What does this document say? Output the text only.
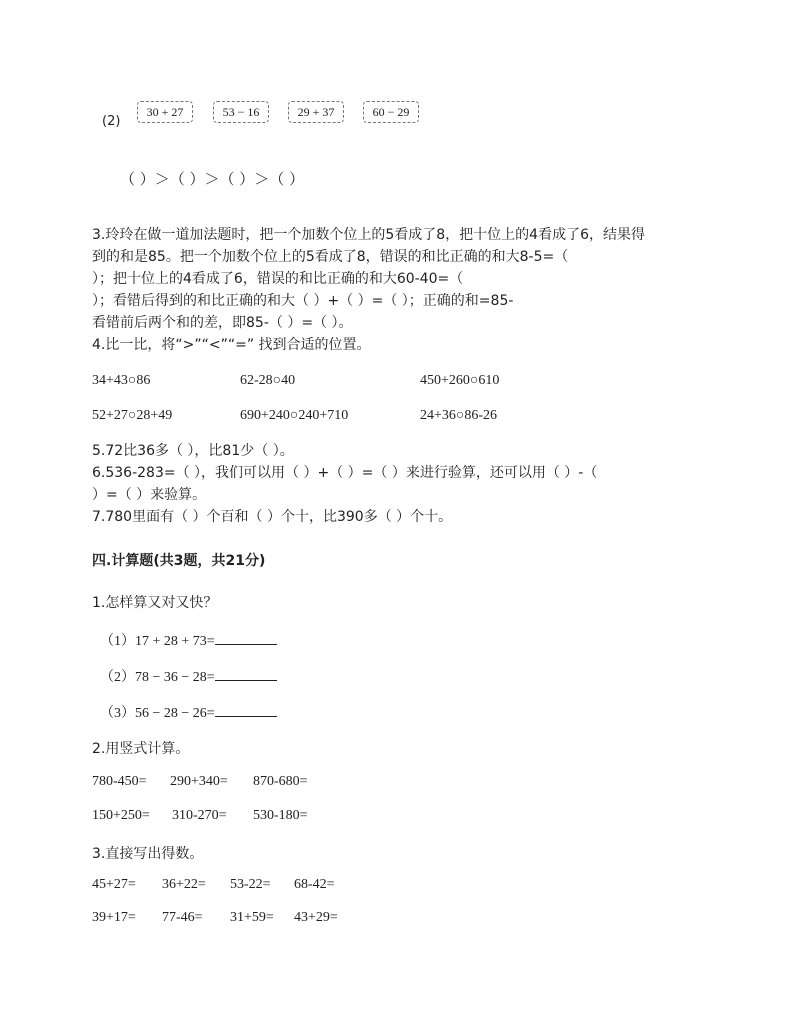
(2)
30 + 27	53 − 16	29 + 37	60 − 29
（ ）＞（ ）＞（ ）＞（ ）

3.玲玲在做一道加法题时，把一个加数个位上的5看成了8，把十位上的4看成了6，结果得

到的和是85。把一个加数个位上的5看成了8，错误的和比正确的和大8-5=（

）；把十位上的4看成了6，错误的和比正确的和大60-40=（

）；看错后得到的和比正确的和大（ ）+（ ）=（ ）；正确的和=85-

看错前后两个和的差，即85-（ ）=（ ）。

4.比一比，将“>”“<”“=” 找到合适的位置。

34+43○86	62-28○40	450+260○610
52+27○28+49	690+240○240+710	24+36○86-26

5.72比36多（ ），比81少（ ）。

6.536-283=（ ），我们可以用（ ）+（ ）=（ ）来进行验算，还可以用（ ）-（

）=（ ）来验算。

7.780里面有（ ）个百和（ ）个十，比390多（ ）个十。

四.计算题(共3题，共21分)
1.怎样算又对又快？
（1）17 + 28 + 73=
（2）78 − 36 − 28=
（3）56 − 28 − 26=
2.用竖式计算。
780-450= 290+340= 870-680=
150+250= 310-270= 530-180=
3.直接写出得数。
45+27= 36+22= 53-22= 68-42=
39+17= 77-46= 31+59= 43+29=
